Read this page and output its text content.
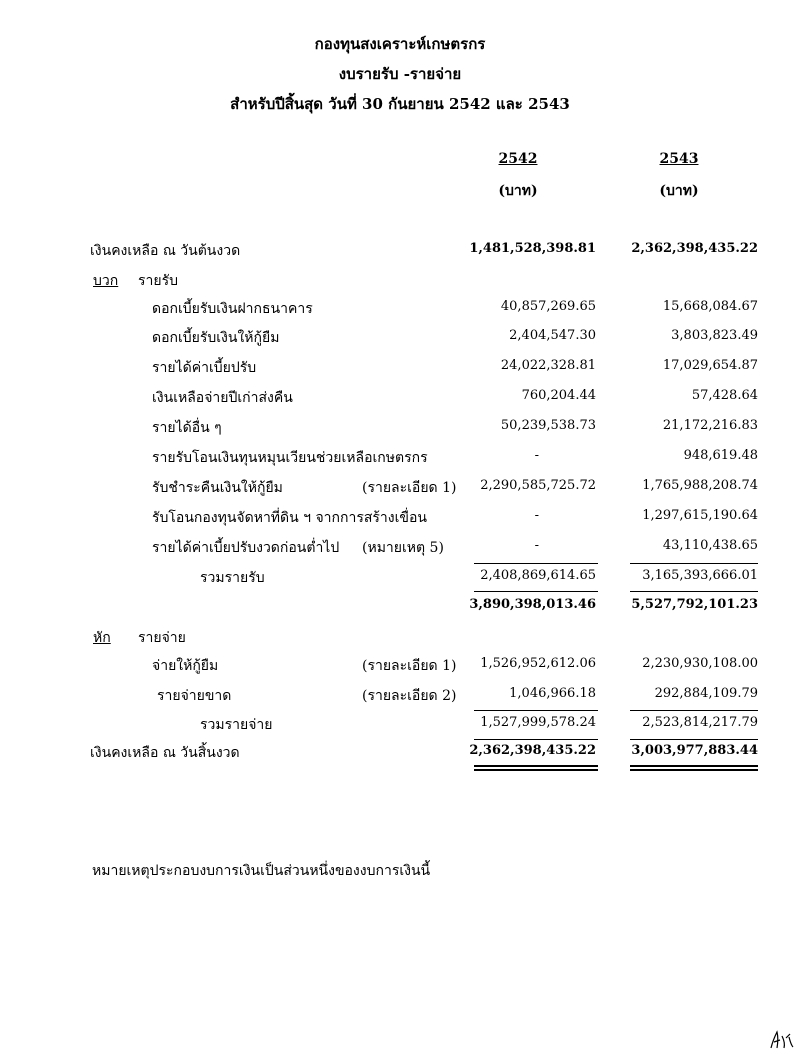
กองทุนสงเคราะห์เกษตรกร
งบรายรับ -รายจ่าย
สำหรับปีสิ้นสุด วันที่ 30 กันยายน 2542 และ 2543
2542	2543
(บาท)	(บาท)
เงินคงเหลือ ณ วันต้นงวด	1,481,528,398.81	2,362,398,435.22
บวก รายรับ
ดอกเบี้ยรับเงินฝากธนาคาร	40,857,269.65	15,668,084.67
ดอกเบี้ยรับเงินให้กู้ยืม	2,404,547.30	3,803,823.49
รายได้ค่าเบี้ยปรับ	24,022,328.81	17,029,654.87
เงินเหลือจ่ายปีเก่าส่งคืน	760,204.44	57,428.64
รายได้อื่น ๆ	50,239,538.73	21,172,216.83
รายรับโอนเงินทุนหมุนเวียนช่วยเหลือเกษตรกร	-	948,619.48
รับชำระคืนเงินให้กู้ยืม	(รายละเอียด 1)	2,290,585,725.72	1,765,988,208.74
รับโอนกองทุนจัดหาที่ดิน ฯ จากการสร้างเขื่อน	-	1,297,615,190.64
รายได้ค่าเบี้ยปรับงวดก่อนต่ำไป (หมายเหตุ 5)	-	43,110,438.65
รวมรายรับ	2,408,869,614.65	3,165,393,666.01
3,890,398,013.46	5,527,792,101.23
หัก รายจ่าย
จ่ายให้กู้ยืม	(รายละเอียด 1)	1,526,952,612.06	2,230,930,108.00
รายจ่ายขาด	(รายละเอียด 2)	1,046,966.18	292,884,109.79
รวมรายจ่าย	1,527,999,578.24	2,523,814,217.79
เงินคงเหลือ ณ วันสิ้นงวด	2,362,398,435.22	3,003,977,883.44
หมายเหตุประกอบงบการเงินเป็นส่วนหนึ่งของงบการเงินนี้
